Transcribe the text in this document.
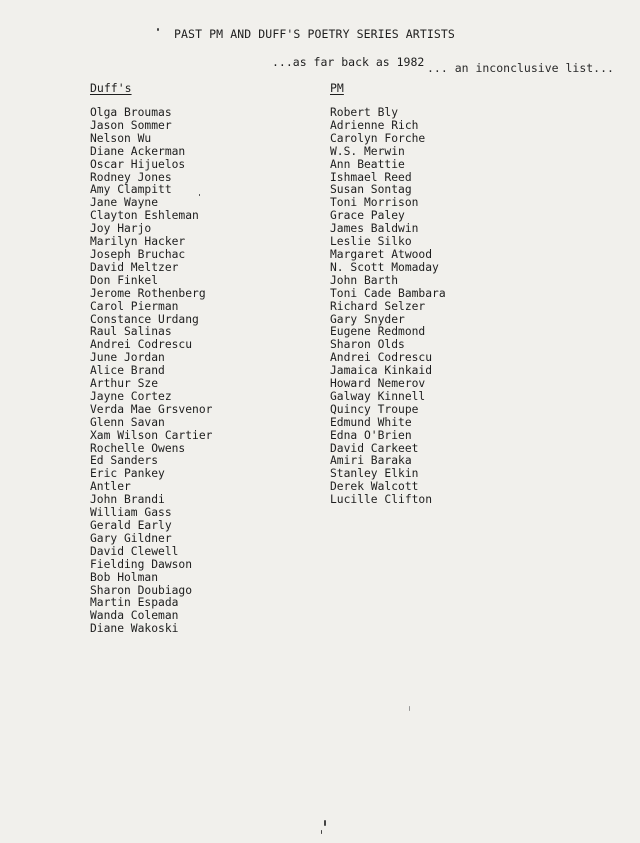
PAST PM AND DUFF'S POETRY SERIES ARTISTS
...as far back as 1982 ... an inconclusive list...
Duff's
Olga Broumas
Jason Sommer
Nelson Wu
Diane Ackerman
Oscar Hijuelos
Rodney Jones
Amy Clampitt
Jane Wayne
Clayton Eshleman
Joy Harjo
Marilyn Hacker
Joseph Bruchac
David Meltzer
Don Finkel
Jerome Rothenberg
Carol Pierman
Constance Urdang
Raul Salinas
Andrei Codrescu
June Jordan
Alice Brand
Arthur Sze
Jayne Cortez
Verda Mae Grsvenor
Glenn Savan
Xam Wilson Cartier
Rochelle Owens
Ed Sanders
Eric Pankey
Antler
John Brandi
William Gass
Gerald Early
Gary Gildner
David Clewell
Fielding Dawson
Bob Holman
Sharon Doubiago
Martin Espada
Wanda Coleman
Diane Wakoski
PM
Robert Bly
Adrienne Rich
Carolyn Forche
W.S. Merwin
Ann Beattie
Ishmael Reed
Susan Sontag
Toni Morrison
Grace Paley
James Baldwin
Leslie Silko
Margaret Atwood
N. Scott Momaday
John Barth
Toni Cade Bambara
Richard Selzer
Gary Snyder
Eugene Redmond
Sharon Olds
Andrei Codrescu
Jamaica Kinkaid
Howard Nemerov
Galway Kinnell
Quincy Troupe
Edmund White
Edna O'Brien
David Carkeet
Amiri Baraka
Stanley Elkin
Derek Walcott
Lucille Clifton
